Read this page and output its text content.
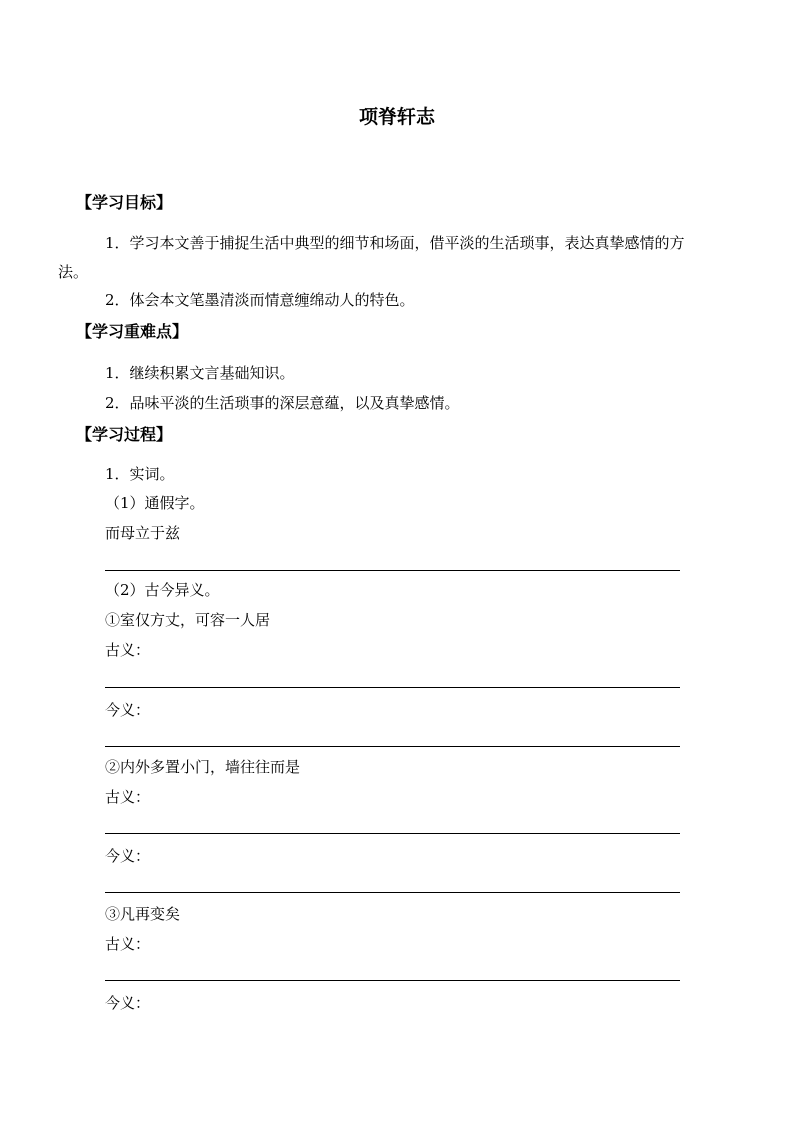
项脊轩志
【学习目标】
1．学习本文善于捕捉生活中典型的细节和场面，借平淡的生活琐事，表达真挚感情的方
法。
2．体会本文笔墨清淡而情意缠绵动人的特色。
【学习重难点】
1．继续积累文言基础知识。
2．品味平淡的生活琐事的深层意蕴，以及真挚感情。
【学习过程】
1．实词。
（1）通假字。
而母立于兹
（2）古今异义。
①室仅方丈，可容一人居
古义：
今义：
②内外多置小门，墙往往而是
古义：
今义：
③凡再变矣
古义：
今义：
